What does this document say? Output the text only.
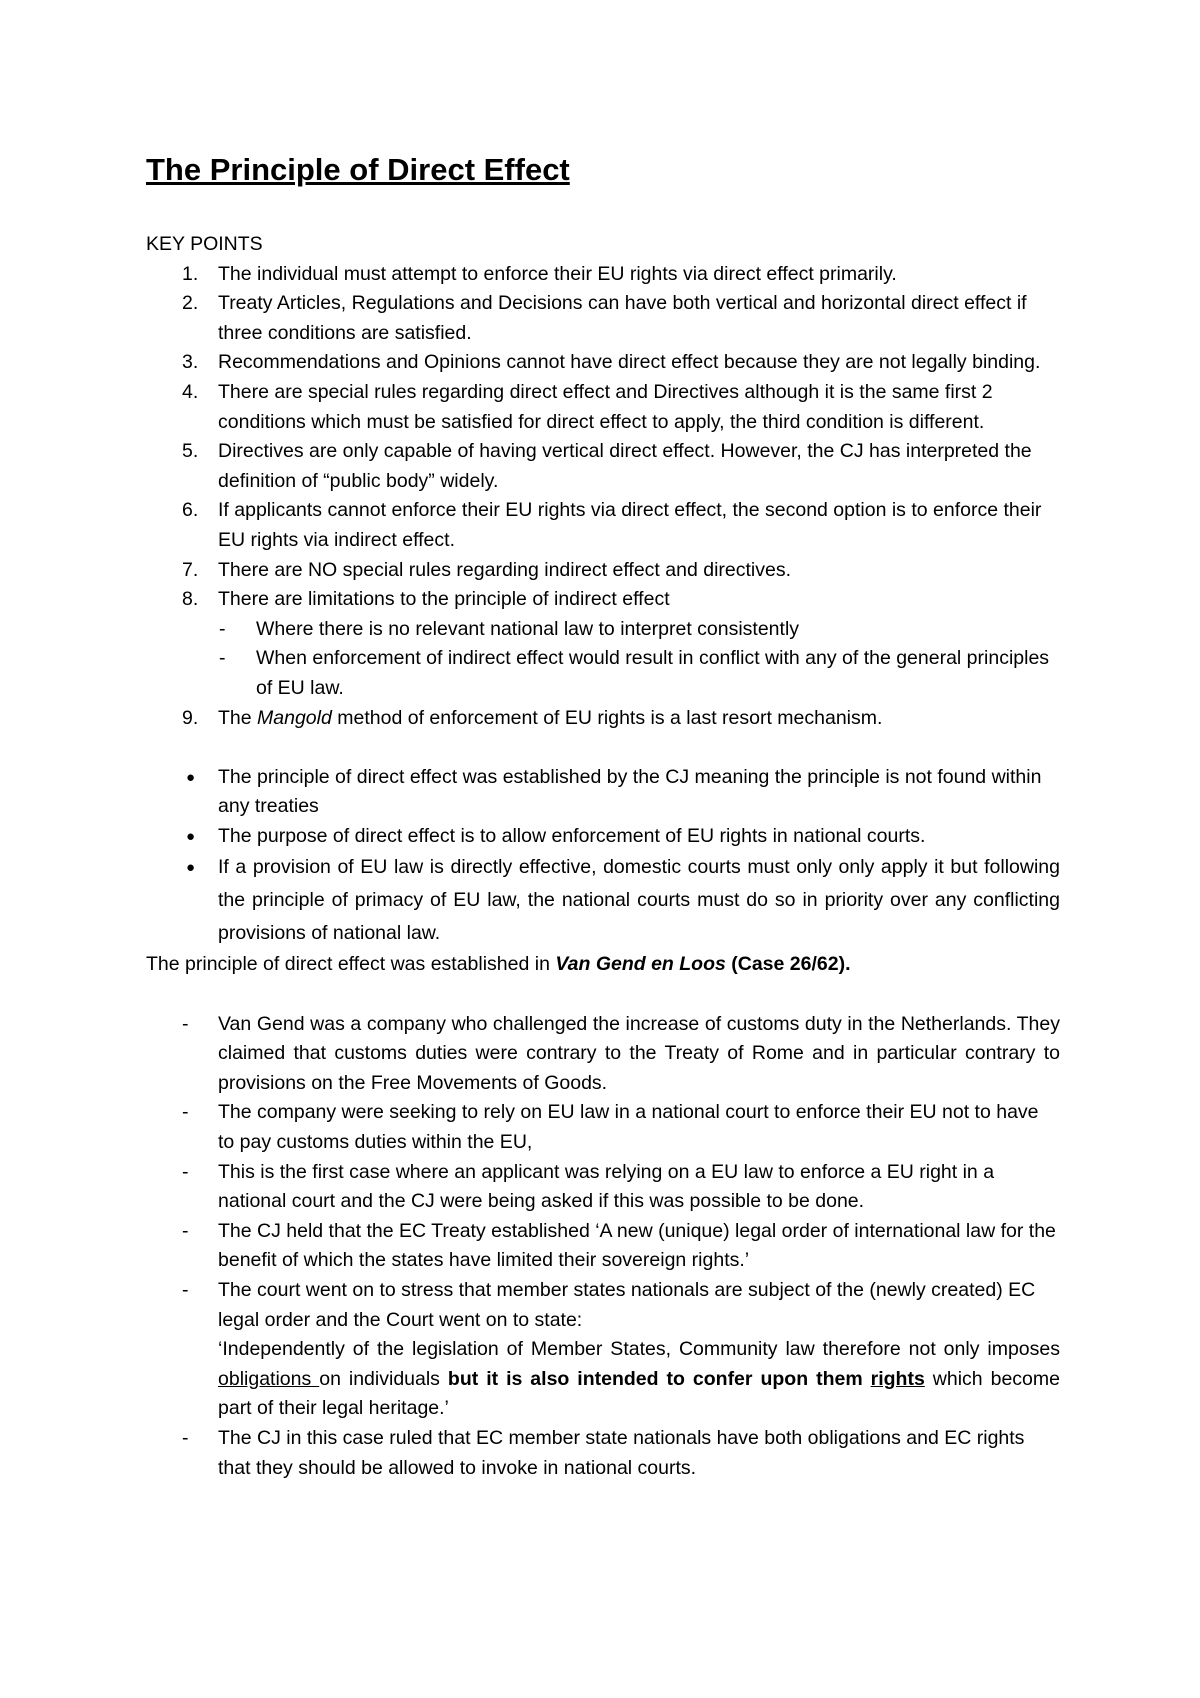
The Principle of Direct Effect
KEY POINTS
1. The individual must attempt to enforce their EU rights via direct effect primarily.
2. Treaty Articles, Regulations and Decisions can have both vertical and horizontal direct effect if three conditions are satisfied.
3. Recommendations and Opinions cannot have direct effect because they are not legally binding.
4. There are special rules regarding direct effect and Directives although it is the same first 2 conditions which must be satisfied for direct effect to apply, the third condition is different.
5. Directives are only capable of having vertical direct effect. However, the CJ has interpreted the definition of “public body” widely.
6. If applicants cannot enforce their EU rights via direct effect, the second option is to enforce their EU rights via indirect effect.
7. There are NO special rules regarding indirect effect and directives.
8. There are limitations to the principle of indirect effect
- Where there is no relevant national law to interpret consistently
- When enforcement of indirect effect would result in conflict with any of the general principles of EU law.
9. The Mangold method of enforcement of EU rights is a last resort mechanism.
● The principle of direct effect was established by the CJ meaning the principle is not found within any treaties
● The purpose of direct effect is to allow enforcement of EU rights in national courts.
● If a provision of EU law is directly effective, domestic courts must only only apply it but following the principle of primacy of EU law, the national courts must do so in priority over any conflicting provisions of national law.
The principle of direct effect was established in Van Gend en Loos (Case 26/62).
- Van Gend was a company who challenged the increase of customs duty in the Netherlands. They claimed that customs duties were contrary to the Treaty of Rome and in particular contrary to provisions on the Free Movements of Goods.
- The company were seeking to rely on EU law in a national court to enforce their EU not to have to pay customs duties within the EU,
- This is the first case where an applicant was relying on a EU law to enforce a EU right in a national court and the CJ were being asked if this was possible to be done.
- The CJ held that the EC Treaty established ‘A new (unique) legal order of international law for the benefit of which the states have limited their sovereign rights.’
- The court went on to stress that member states nationals are subject of the (newly created) EC legal order and the Court went on to state:
‘Independently of the legislation of Member States, Community law therefore not only imposes obligations on individuals but it is also intended to confer upon them rights which become part of their legal heritage.’
- The CJ in this case ruled that EC member state nationals have both obligations and EC rights that they should be allowed to invoke in national courts.
